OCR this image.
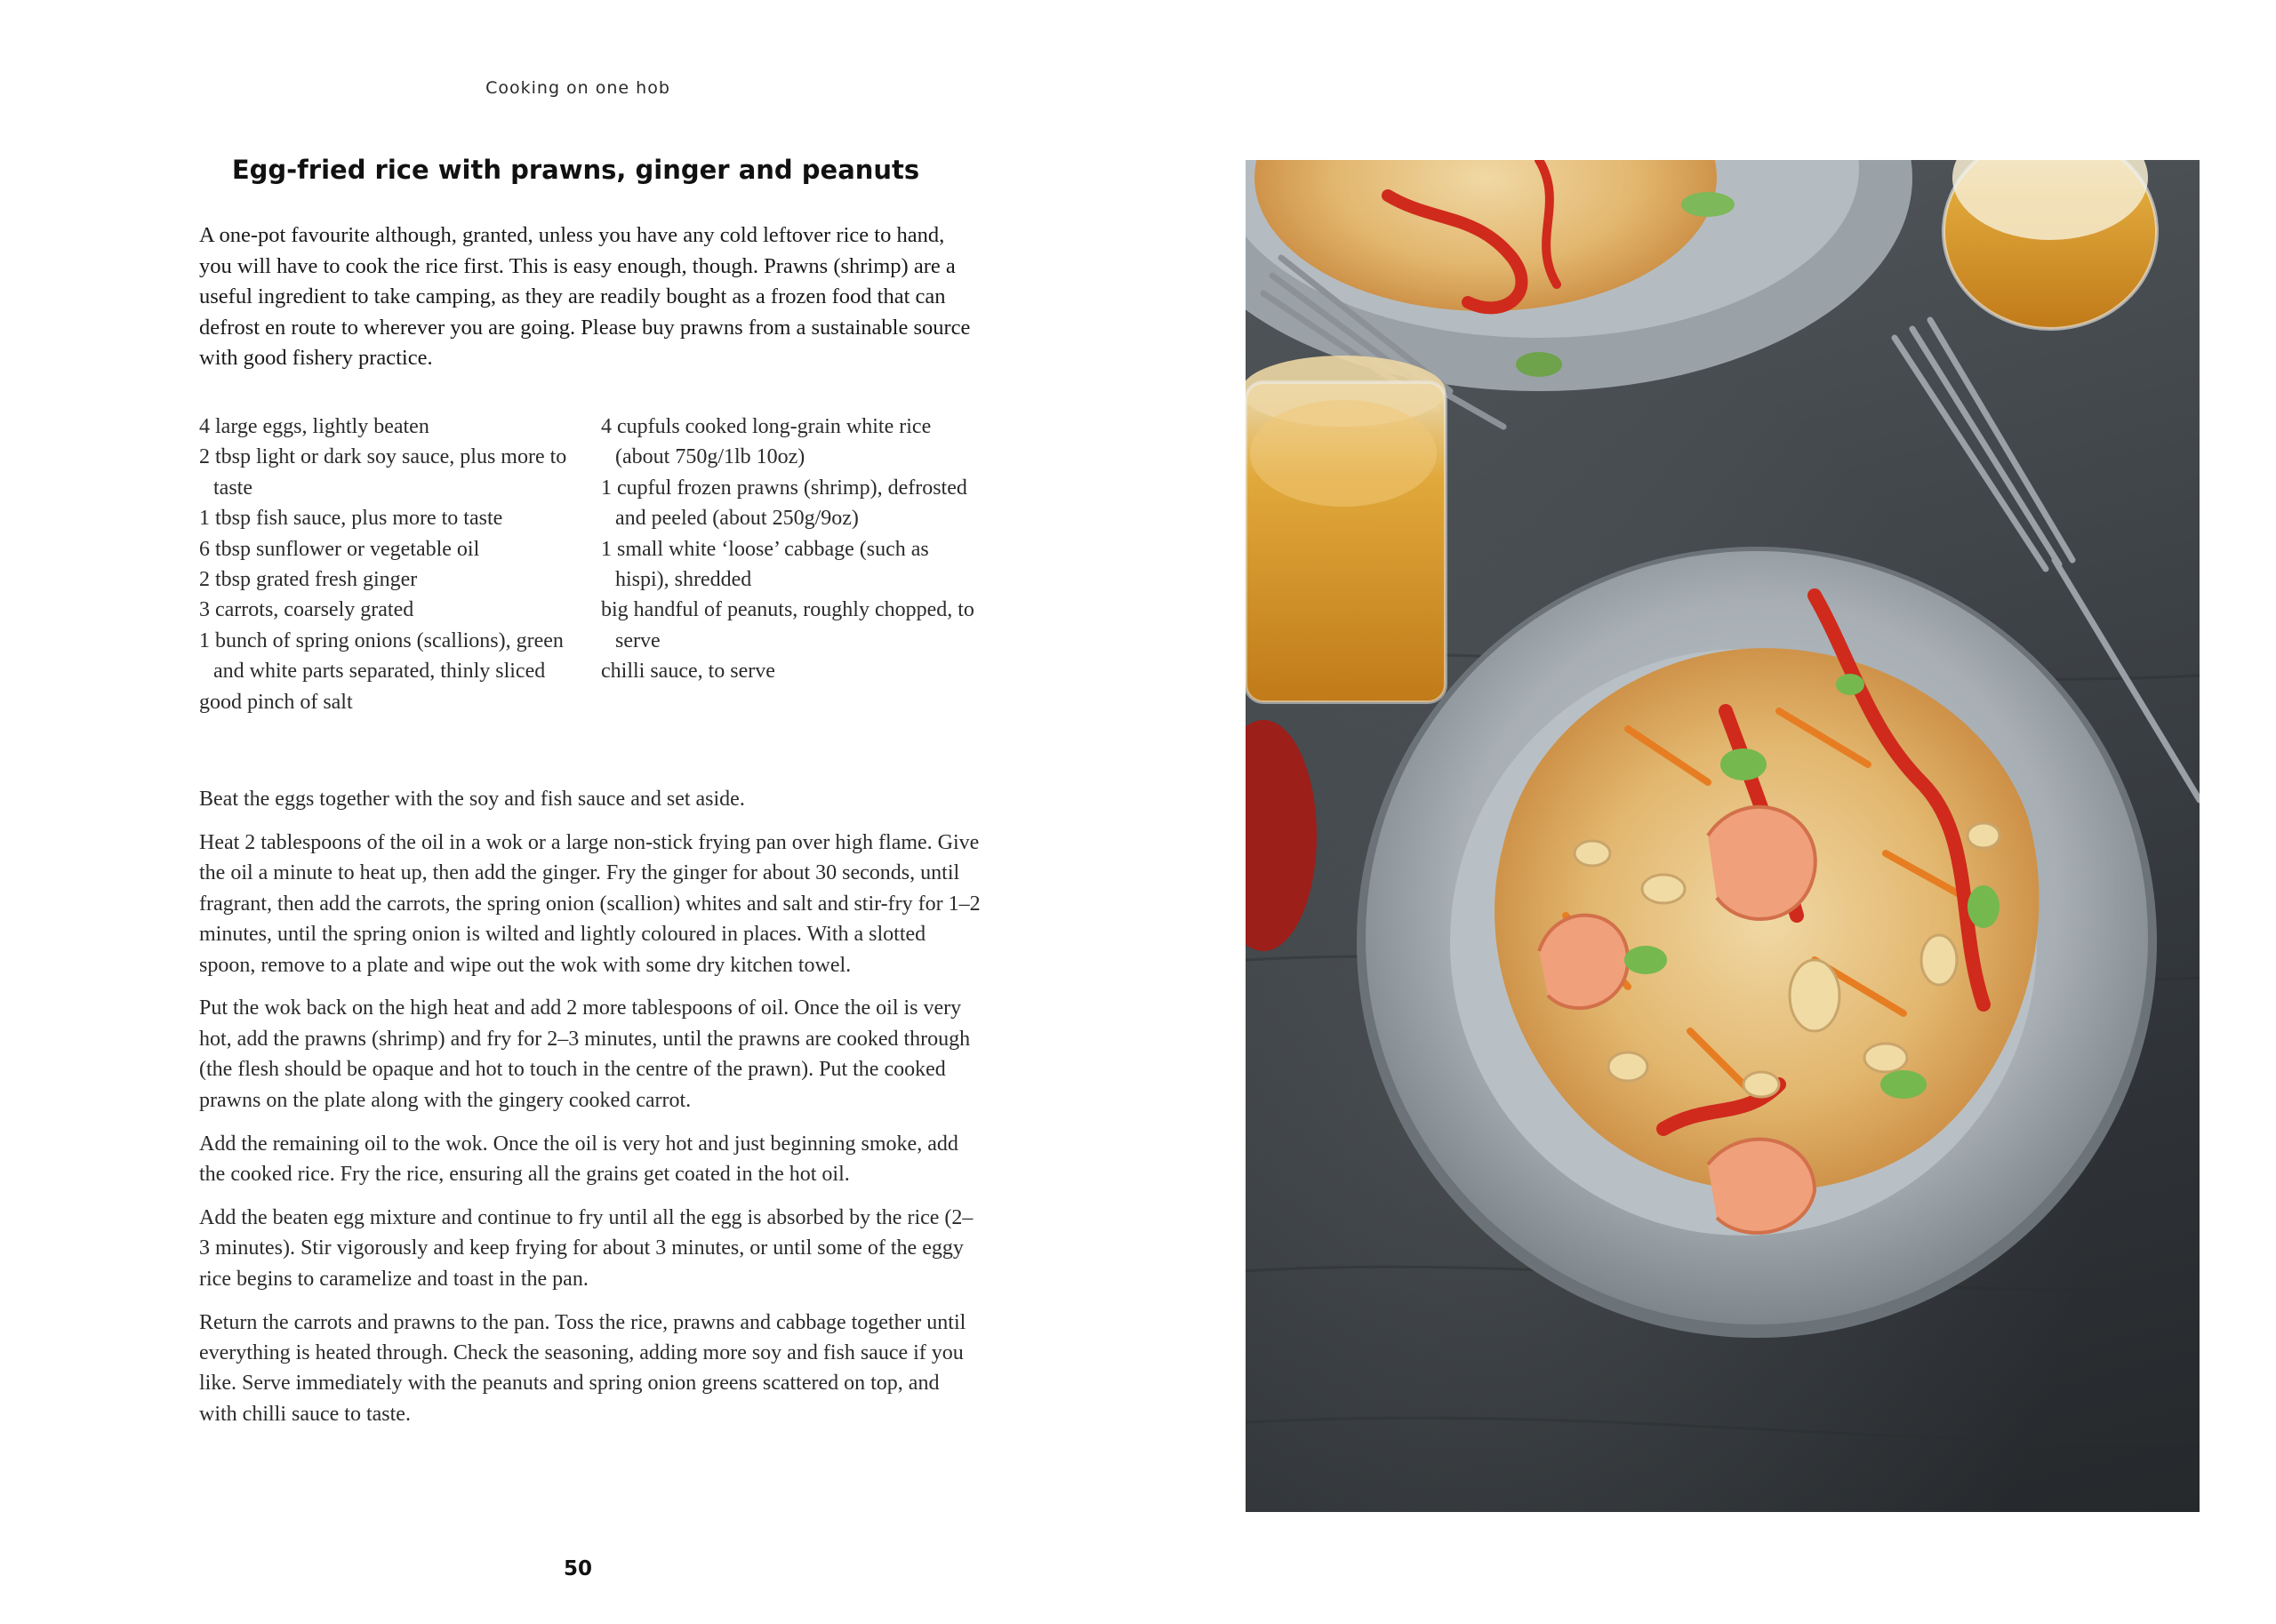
Cooking on one hob
Egg-fried rice with prawns, ginger and peanuts

A one-pot favourite although, granted, unless you have any cold leftover rice to hand, you will have to cook the rice first. This is easy enough, though. Prawns (shrimp) are a useful ingredient to take camping, as they are readily bought as a frozen food that can defrost en route to wherever you are going. Please buy prawns from a sustainable source with good fishery practice.

4 large eggs, lightly beaten
2 tbsp light or dark soy sauce, plus more to taste
1 tbsp fish sauce, plus more to taste
6 tbsp sunflower or vegetable oil
2 tbsp grated fresh ginger
3 carrots, coarsely grated
1 bunch of spring onions (scallions), green and white parts separated, thinly sliced
good pinch of salt
4 cupfuls cooked long-grain white rice (about 750g/1lb 10oz)
1 cupful frozen prawns (shrimp), defrosted and peeled (about 250g/9oz)
1 small white ‘loose’ cabbage (such as hispi), shredded
big handful of peanuts, roughly chopped, to serve
chilli sauce, to serve

Beat the eggs together with the soy and fish sauce and set aside.

Heat 2 tablespoons of the oil in a wok or a large non-stick frying pan over high flame. Give the oil a minute to heat up, then add the ginger. Fry the ginger for about 30 seconds, until fragrant, then add the carrots, the spring onion (scallion) whites and salt and stir-fry for 1–2 minutes, until the spring onion is wilted and lightly coloured in places. With a slotted spoon, remove to a plate and wipe out the wok with some dry kitchen towel.

Put the wok back on the high heat and add 2 more tablespoons of oil. Once the oil is very hot, add the prawns (shrimp) and fry for 2–3 minutes, until the prawns are cooked through (the flesh should be opaque and hot to touch in the centre of the prawn). Put the cooked prawns on the plate along with the gingery cooked carrot.

Add the remaining oil to the wok. Once the oil is very hot and just beginning smoke, add the cooked rice. Fry the rice, ensuring all the grains get coated in the hot oil.

Add the beaten egg mixture and continue to fry until all the egg is absorbed by the rice (2–3 minutes). Stir vigorously and keep frying for about 3 minutes, or until some of the eggy rice begins to caramelize and toast in the pan.

Return the carrots and prawns to the pan. Toss the rice, prawns and cabbage together until everything is heated through. Check the seasoning, adding more soy and fish sauce if you like. Serve immediately with the peanuts and spring onion greens scattered on top, and with chilli sauce to taste.

50
